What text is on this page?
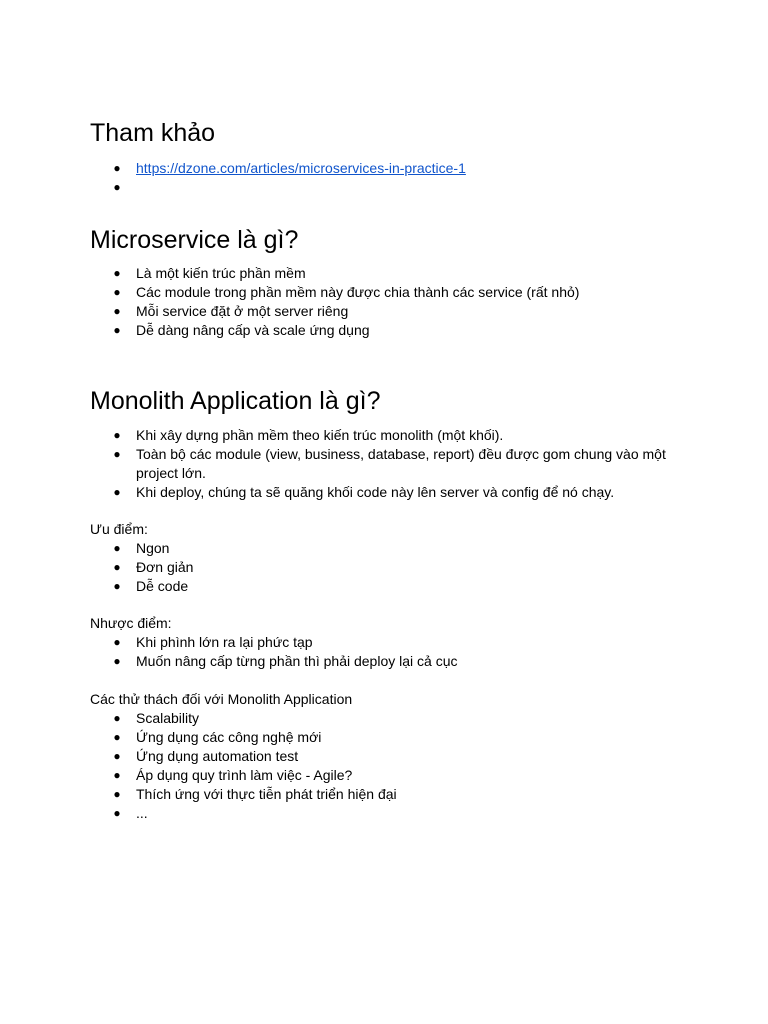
Tham khảo
● https://dzone.com/articles/microservices-in-practice-1
●
Microservice là gì?
● Là một kiến trúc phần mềm
● Các module trong phần mềm này được chia thành các service (rất nhỏ)
● Mỗi service đặt ở một server riêng
● Dễ dàng nâng cấp và scale ứng dụng
Monolith Application là gì?
● Khi xây dựng phần mềm theo kiến trúc monolith (một khối).
● Toàn bộ các module (view, business, database, report) đều được gom chung vào một project lớn.
● Khi deploy, chúng ta sẽ quăng khối code này lên server và config để nó chạy.

Ưu điểm:

● Ngon
● Đơn giản
● Dễ code

Nhược điểm:

● Khi phình lớn ra lại phức tạp
● Muốn nâng cấp từng phần thì phải deploy lại cả cục

Các thử thách đối với Monolith Application

● Scalability
● Ứng dụng các công nghệ mới
● Ứng dụng automation test
● Áp dụng quy trình làm việc - Agile?
● Thích ứng với thực tiễn phát triển hiện đại
● ...
